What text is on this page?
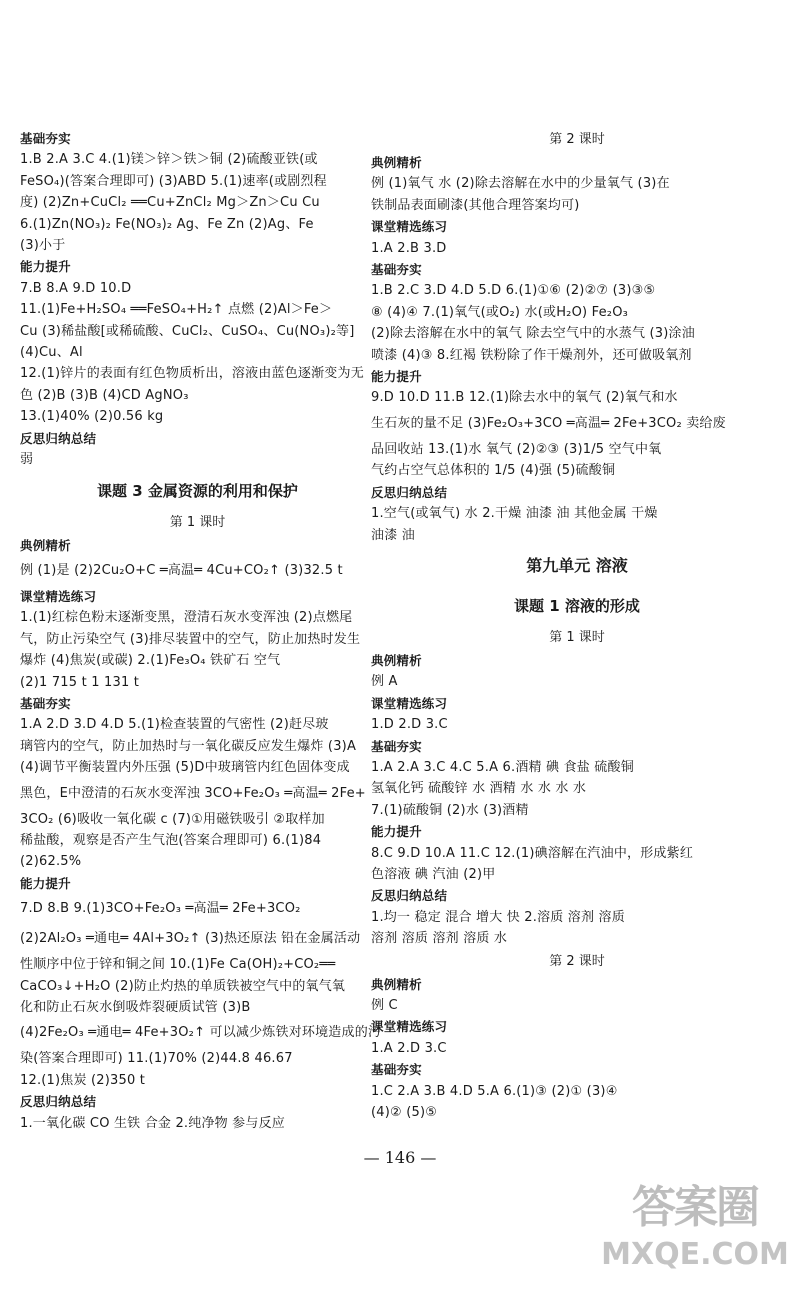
基础夯实
1.B 2.A 3.C 4.(1)镁＞锌＞铁＞铜 (2)硫酸亚铁(或
FeSO₄)(答案合理即可) (3)ABD 5.(1)速率(或剧烈程
度) (2)Zn+CuCl₂ ══Cu+ZnCl₂ Mg＞Zn＞Cu Cu
6.(1)Zn(NO₃)₂ Fe(NO₃)₂ Ag、Fe Zn (2)Ag、Fe
(3)小于
能力提升
7.B 8.A 9.D 10.D
11.(1)Fe+H₂SO₄ ══FeSO₄+H₂↑ 点燃 (2)Al＞Fe＞
Cu (3)稀盐酸[或稀硫酸、CuCl₂、CuSO₄、Cu(NO₃)₂等]
(4)Cu、Al
12.(1)锌片的表面有红色物质析出，溶液由蓝色逐渐变为无
色 (2)B (3)B (4)CD AgNO₃
13.(1)40% (2)0.56 kg
反思归纳总结
弱
课题 3 金属资源的利用和保护
第 1 课时
典例精析
例 (1)是 (2)2Cu₂O+C ═高温═ 4Cu+CO₂↑ (3)32.5 t
课堂精选练习
1.(1)红棕色粉末逐渐变黑，澄清石灰水变浑浊 (2)点燃尾
气，防止污染空气 (3)排尽装置中的空气，防止加热时发生
爆炸 (4)焦炭(或碳) 2.(1)Fe₃O₄ 铁矿石 空气
(2)1 715 t 1 131 t
基础夯实
1.A 2.D 3.D 4.D 5.(1)检查装置的气密性 (2)赶尽玻
璃管内的空气，防止加热时与一氧化碳反应发生爆炸 (3)A
(4)调节平衡装置内外压强 (5)D中玻璃管内红色固体变成
黑色，E中澄清的石灰水变浑浊 3CO+Fe₂O₃ ═高温═ 2Fe+
3CO₂ (6)吸收一氧化碳 c (7)①用磁铁吸引 ②取样加
稀盐酸，观察是否产生气泡(答案合理即可) 6.(1)84
(2)62.5%
能力提升
7.D 8.B 9.(1)3CO+Fe₂O₃ ═高温═ 2Fe+3CO₂
(2)2Al₂O₃ ═通电═ 4Al+3O₂↑ (3)热还原法 铅在金属活动
性顺序中位于锌和铜之间 10.(1)Fe Ca(OH)₂+CO₂══
CaCO₃↓+H₂O (2)防止灼热的单质铁被空气中的氧气氧
化和防止石灰水倒吸炸裂硬质试管 (3)B
(4)2Fe₂O₃ ═通电═ 4Fe+3O₂↑ 可以减少炼铁对环境造成的污
染(答案合理即可) 11.(1)70% (2)44.8 46.67
12.(1)焦炭 (2)350 t
反思归纳总结
1.一氧化碳 CO 生铁 合金 2.纯净物 参与反应
第 2 课时
典例精析
例 (1)氧气 水 (2)除去溶解在水中的少量氧气 (3)在
铁制品表面刷漆(其他合理答案均可)
课堂精选练习
1.A 2.B 3.D
基础夯实
1.B 2.C 3.D 4.D 5.D 6.(1)①⑥ (2)②⑦ (3)③⑤
⑧ (4)④ 7.(1)氧气(或O₂) 水(或H₂O) Fe₂O₃
(2)除去溶解在水中的氧气 除去空气中的水蒸气 (3)涂油
喷漆 (4)③ 8.红褐 铁粉除了作干燥剂外，还可做吸氧剂
能力提升
9.D 10.D 11.B 12.(1)除去水中的氧气 (2)氧气和水
生石灰的量不足 (3)Fe₂O₃+3CO ═高温═ 2Fe+3CO₂ 卖给废
品回收站 13.(1)水 氧气 (2)②③ (3)1/5 空气中氧
气约占空气总体积的 1/5 (4)强 (5)硫酸铜
反思归纳总结
1.空气(或氧气) 水 2.干燥 油漆 油 其他金属 干燥
油漆 油
第九单元 溶液
课题 1 溶液的形成
第 1 课时
典例精析
例 A
课堂精选练习
1.D 2.D 3.C
基础夯实
1.A 2.A 3.C 4.C 5.A 6.酒精 碘 食盐 硫酸铜
氢氧化钙 硫酸锌 水 酒精 水 水 水 水
7.(1)硫酸铜 (2)水 (3)酒精
能力提升
8.C 9.D 10.A 11.C 12.(1)碘溶解在汽油中，形成紫红
色溶液 碘 汽油 (2)甲
反思归纳总结
1.均一 稳定 混合 增大 快 2.溶质 溶剂 溶质
溶剂 溶质 溶剂 溶质 水
第 2 课时
典例精析
例 C
课堂精选练习
1.A 2.D 3.C
基础夯实
1.C 2.A 3.B 4.D 5.A 6.(1)③ (2)① (3)④
(4)② (5)⑤
— 146 —
答案圈
MXQE.COM
